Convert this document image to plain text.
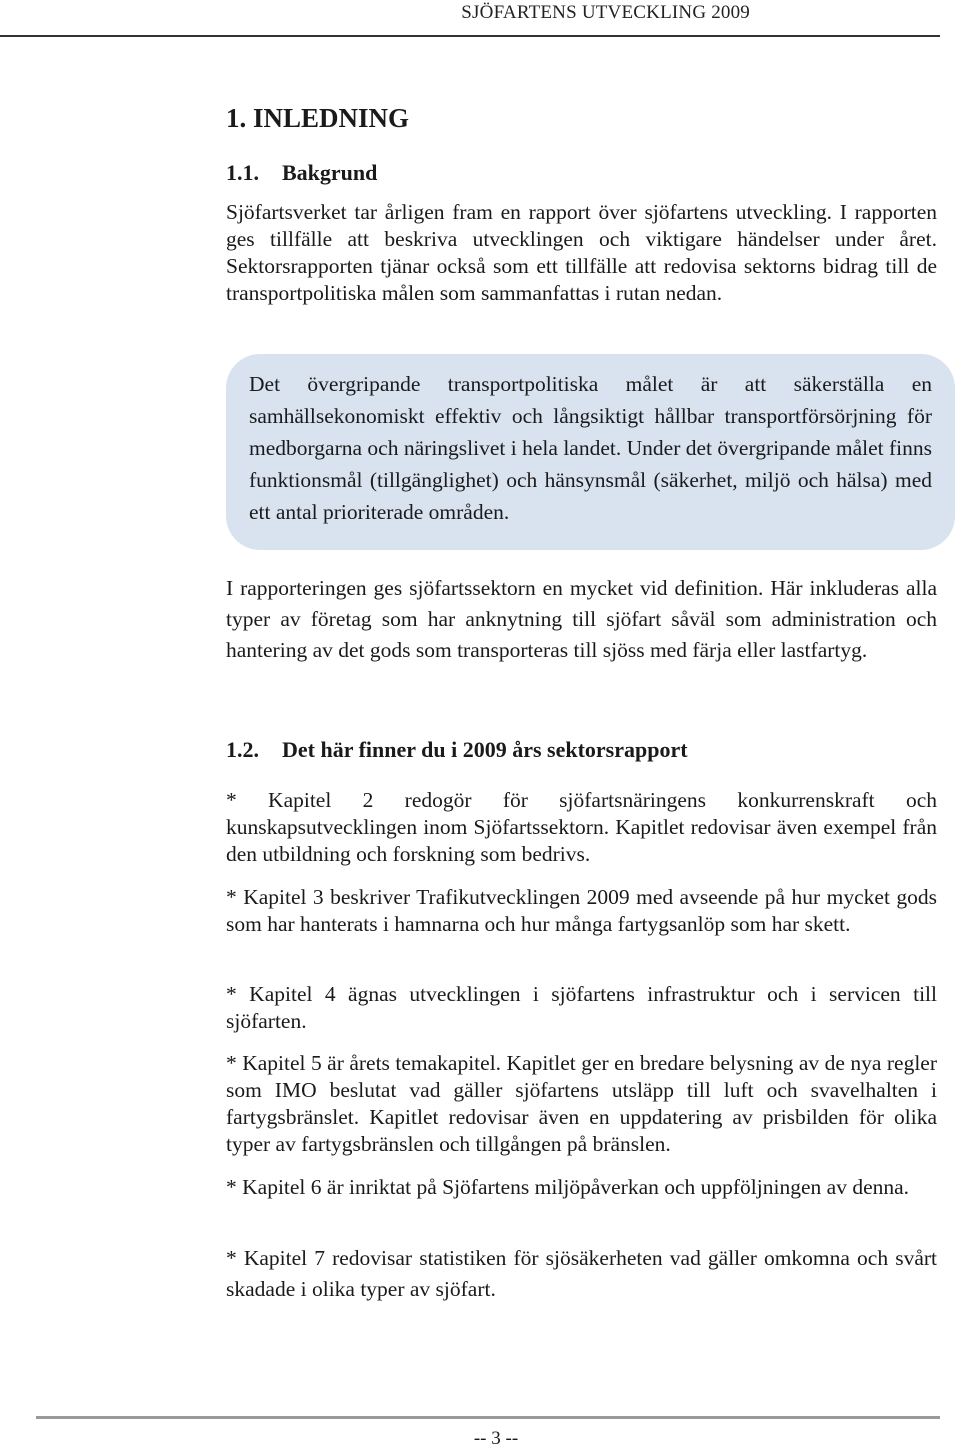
SJÖFARTENS UTVECKLING 2009
1. INLEDNING
1.1. Bakgrund

Sjöfartsverket tar årligen fram en rapport över sjöfartens utveckling. I rapporten ges tillfälle att beskriva utvecklingen och viktigare händelser under året. Sektorsrapporten tjänar också som ett tillfälle att redovisa sektorns bidrag till de transportpolitiska målen som sammanfattas i rutan nedan.

Det övergripande transportpolitiska målet är att säkerställa en samhällsekonomiskt effektiv och långsiktigt hållbar transportförsörjning för medborgarna och näringslivet i hela landet. Under det övergripande målet finns funktionsmål (tillgänglighet) och hänsynsmål (säkerhet, miljö och hälsa) med ett antal prioriterade områden.

I rapporteringen ges sjöfartssektorn en mycket vid definition. Här inkluderas alla typer av företag som har anknytning till sjöfart såväl som administration och hantering av det gods som transporteras till sjöss med färja eller lastfartyg.

1.2. Det här finner du i 2009 års sektorsrapport

* Kapitel 2 redogör för sjöfartsnäringens konkurrenskraft och kunskapsutvecklingen inom Sjöfartssektorn. Kapitlet redovisar även exempel från den utbildning och forskning som bedrivs.

* Kapitel 3 beskriver Trafikutvecklingen 2009 med avseende på hur mycket gods som har hanterats i hamnarna och hur många fartygsanlöp som har skett.

* Kapitel 4 ägnas utvecklingen i sjöfartens infrastruktur och i servicen till sjöfarten.

* Kapitel 5 är årets temakapitel. Kapitlet ger en bredare belysning av de nya regler som IMO beslutat vad gäller sjöfartens utsläpp till luft och svavelhalten i fartygsbränslet. Kapitlet redovisar även en uppdatering av prisbilden för olika typer av fartygsbränslen och tillgången på bränslen.

* Kapitel 6 är inriktat på Sjöfartens miljöpåverkan och uppföljningen av denna.

* Kapitel 7 redovisar statistiken för sjösäkerheten vad gäller omkomna och svårt skadade i olika typer av sjöfart.

-- 3 --
